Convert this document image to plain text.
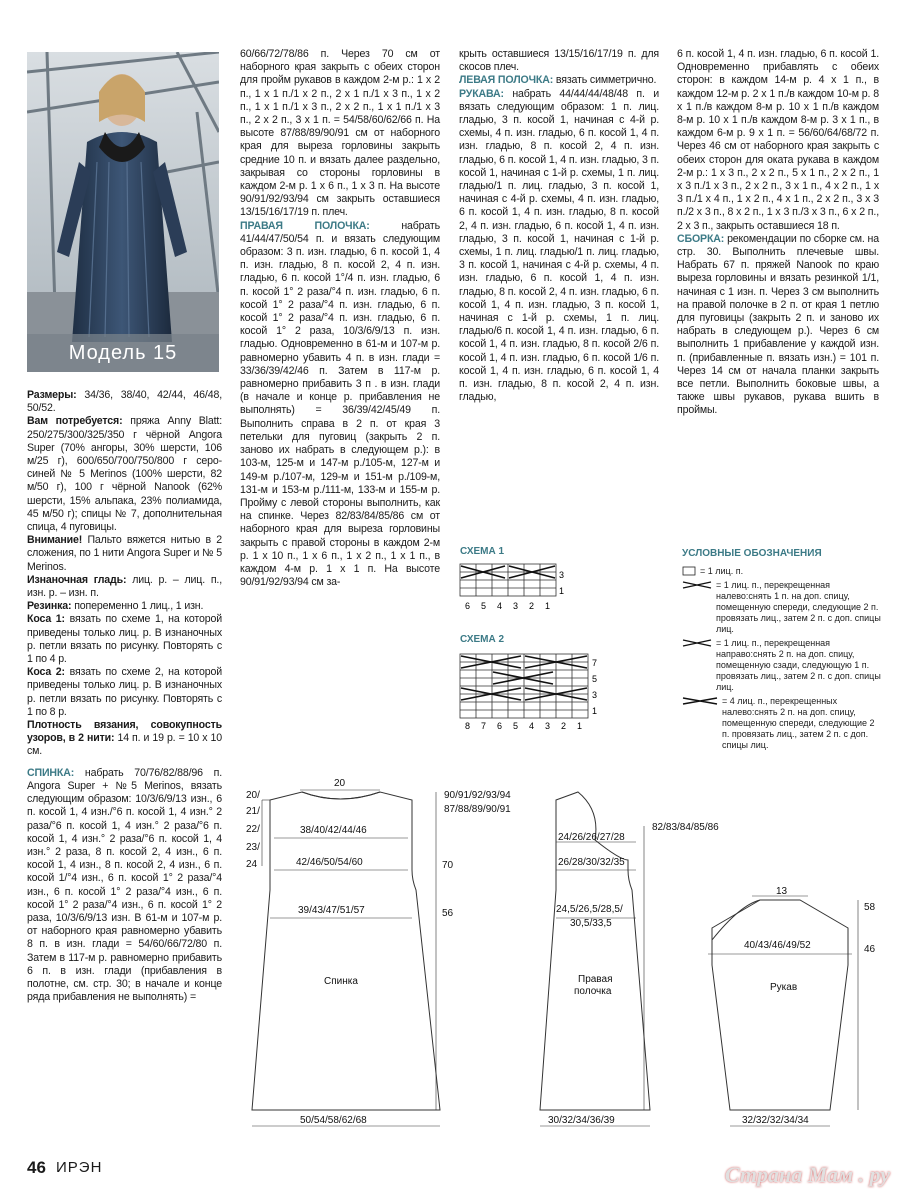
Модель 15

Размеры: 34/36, 38/40, 42/44, 46/48, 50/52.

Вам потребуется: пряжа Anny Blatt: 250/275/300/325/350 г чёрной Angora Super (70% ангоры, 30% шерсти, 106 м/25 г), 600/650/700/750/800 г серо-синей № 5 Merinos (100% шерсти, 82 м/50 г), 100 г чёрной Nanook (62% шерсти, 15% альпака, 23% полиамида, 45 м/50 г); спицы № 7, дополнительная спица, 4 пуговицы.

Внимание! Пальто вяжется нитью в 2 сложения, по 1 нити Angora Super и № 5 Merinos.

Изнаночная гладь: лиц. р. – лиц. п., изн. р. – изн. п.

Резинка: попеременно 1 лиц., 1 изн.

Коса 1: вязать по схеме 1, на которой приведены только лиц. р. В изнаночных р. петли вязать по рисунку. Повторять с 1 по 4 р.

Коса 2: вязать по схеме 2, на которой приведены только лиц. р. В изнаночных р. петли вязать по рисунку. Повторять с 1 по 8 р.

Плотность вязания, совокупность узоров, в 2 нити: 14 п. и 19 р. = 10 х 10 см.

СПИНКА: набрать 70/76/82/88/96 п. Angora Super + №5 Merinos, вязать следующим образом: 10/3/6/9/13 изн., 6 п. косой 1, 4 изн./°6 п. косой 1, 4 изн.° 2 раза/°6 п. косой 1, 4 изн.° 2 раза/°6 п. косой 1, 4 изн.° 2 раза/°6 п. косой 1, 4 изн.° 2 раза, 8 п. косой 2, 4 изн., 6 п. косой 1, 4 изн., 8 п. косой 2, 4 изн., 6 п. косой 1/°4 изн., 6 п. косой 1° 2 раза/°4 изн., 6 п. косой 1° 2 раза/°4 изн., 6 п. косой 1° 2 раза/°4 изн., 6 п. косой 1° 2 раза, 10/3/6/9/13 изн. В 61-м и 107-м р. от наборного края равномерно убавить 8 п. в изн. глади = 54/60/66/72/80 п. Затем в 117-м р. равномерно прибавить 6 п. в изн. глади (прибавления в полотне, см. стр. 30; в начале и конце ряда прибавления не выполнять) =

60/66/72/78/86 п. Через 70 см от наборного края закрыть с обеих сторон для пройм рукавов в каждом 2-м р.: 1 х 2 п., 1 х 1 п./1 х 2 п., 2 х 1 п./1 х 3 п., 1 х 2 п., 1 х 1 п./1 х 3 п., 2 х 2 п., 1 х 1 п./1 х 3 п., 2 х 2 п., 3 х 1 п. = 54/58/60/62/66 п. На высоте 87/88/89/90/91 см от наборного края для выреза горловины закрыть средние 10 п. и вязать далее раздельно, закрывая со стороны горловины в каждом 2-м р. 1 х 6 п., 1 х 3 п. На высоте 90/91/92/93/94 см закрыть оставшиеся 13/15/16/17/19 п. плеч.

ПРАВАЯ ПОЛОЧКА:	набрать 41/44/47/50/54 п. и вязать следующим образом: 3 п. изн. гладью, 6 п. косой 1, 4 п. изн. гладью, 8 п. косой 2, 4 п. изн. гладью, 6 п. косой 1°/4 п. изн. гладью, 6 п. косой 1° 2 раза/°4 п. изн. гладью, 6 п. косой 1° 2 раза/°4 п. изн. гладью, 6 п. косой 1° 2 раза/°4 п. изн. гладью, 6 п. косой 1° 2 раза, 10/3/6/9/13 п. изн. гладью. Одновременно в 61-м и 107-м р. равномерно убавить 4 п. в изн. глади = 33/36/39/42/46 п. Затем в 117-м р. равномерно прибавить 3 п . в изн. глади (в начале и конце р. прибавления не выполнять) = 36/39/42/45/49 п. Выполнить справа в 2 п. от края 3 петельки для пуговиц (закрыть 2 п. заново их набрать в следующем р.): в 103-м, 125-м и 147-м р./105-м, 127-м и 149-м р./107-м, 129-м и 151-м р./109-м, 131-м и 153-м р./111-м, 133-м и 155-м р. Пройму с левой стороны выполнить, как на спинке. Через 82/83/84/85/86 см от наборного края для выреза горловины закрыть с правой стороны в каждом 2-м р. 1 х 10 п., 1 х 6 п., 1 х 2 п., 1 х 1 п., в каждом 4-м р. 1 х 1 п. На высоте 90/91/92/93/94 см за-

крыть оставшиеся 13/15/16/17/19 п. для скосов плеч.

ЛЕВАЯ ПОЛОЧКА: вязать симметрично.

РУКАВА: набрать 44/44/44/48/48 п. и вязать следующим образом: 1 п. лиц. гладью, 3 п. косой 1, начиная с 4-й р. схемы, 4 п. изн. гладью, 6 п. косой 1, 4 п. изн. гладью, 8 п. косой 2, 4 п. изн. гладью, 6 п. косой 1, 4 п. изн. гладью, 3 п. косой 1, начиная с 1-й р. схемы, 1 п. лиц. гладью/1 п. лиц. гладью, 3 п. косой 1, начиная с 4-й р. схемы, 4 п. изн. гладью, 6 п. косой 1, 4 п. изн. гладью, 8 п. косой 2, 4 п. изн. гладью, 6 п. косой 1, 4 п. изн. гладью, 3 п. косой 1, начиная с 1-й р. схемы, 1 п. лиц. гладью/1 п. лиц. гладью, 3 п. косой 1, начиная с 4-й р. схемы, 4 п. изн. гладью, 6 п. косой 1, 4 п. изн. гладью, 8 п. косой 2, 4 п. изн. гладью, 6 п. косой 1, 4 п. изн. гладью, 3 п. косой 1, начиная с 1-й р. схемы, 1 п. лиц. гладью/6 п. косой 1, 4 п. изн. гладью, 6 п. косой 1, 4 п. изн. гладью, 8 п. косой 2/6 п. косой 1, 4 п. изн. гладью, 6 п. косой 1/6 п. косой 1, 4 п. изн. гладью, 6 п. косой 1, 4 п. изн. гладью, 8 п. косой 2, 4 п. изн. гладью,

6 п. косой 1, 4 п. изн. гладью, 6 п. косой 1. Одновременно прибавлять с обеих сторон: в каждом 14-м р. 4 х 1 п., в каждом 12-м р. 2 х 1 п./в каждом 10-м р. 8 х 1 п./в каждом 8-м р. 10 х 1 п./в каждом 8-м р. 10 х 1 п./в каждом 8-м р. 3 х 1 п., в каждом 6-м р. 9 х 1 п. = 56/60/64/68/72 п. Через 46 см от наборного края закрыть с обеих сторон для оката рукава в каждом 2-м р.: 1 х 3 п., 2 х 2 п., 5 х 1 п., 2 х 2 п., 1 х 3 п./1 х 3 п., 2 х 2 п., 3 х 1 п., 4 х 2 п., 1 х 3 п./1 х 4 п., 1 х 2 п., 4 х 1 п., 2 х 2 п., 3 х 3 п./2 х 3 п., 8 х 2 п., 1 х 3 п./3 х 3 п., 6 х 2 п., 2 х 3 п., закрыть оставшиеся 18 п.

СБОРКА: рекомендации по сборке см. на стр. 30. Выполнить плечевые швы. Набрать 67 п. пряжей Nanook по краю выреза горловины и вязать резинкой 1/1, начиная с 1 изн. п. Через 3 см выполнить на правой полочке в 2 п. от края 1 петлю для пуговицы (закрыть 2 п. и заново их набрать в следующем р.). Через 6 см выполнить 1 прибавление у каждой изн. п. (прибавленные п. вязать изн.) = 101 п. Через 14 см от начала планки закрыть все петли. Выполнить боковые швы, а также швы рукавов, рукава вшить в проймы.

СХЕМА 1
3
1
6 5 4 3 2 1
СХЕМА 2
7
5
3
1
8 7 6 5 4 3 2 1
УСЛОВНЫЕ ОБОЗНАЧЕНИЯ
= 1 лиц. п.
= 1 лиц. п., перекрещенная налево:снять 1 п. на доп. спицу, помещенную спереди, следующие 2 п. провязать лиц., затем 2 п. с доп. спицы лиц.
= 1 лиц. п., перекрещенная направо:снять 2 п. на доп. спицу, помещенную сзади, следующую 1 п. провязать лиц., затем 2 п. с доп. спицы лиц.
= 4 лиц. п., перекрещенных налево:снять 2 п. на доп. спицу, помещенную спереди, следующие 2 п. провязать лиц., затем 2 п. с доп. спицы лиц.
20/
21/
22/
23/
24
20
90/91/92/93/94
87/88/89/90/91
38/40/42/44/46
42/46/50/54/60	70
39/43/47/51/57	56
Спинка
50/54/58/62/68
82/83/84/85/86
24/26/26/27/28
26/28/30/32/35
24,5/26,5/28,5/
30,5/33,5
Правая
полочка
30/32/34/36/39
13
58
46
40/43/46/49/52
Рукав
32/32/32/34/34
46 ИРЭН	Страна Мам . ру
